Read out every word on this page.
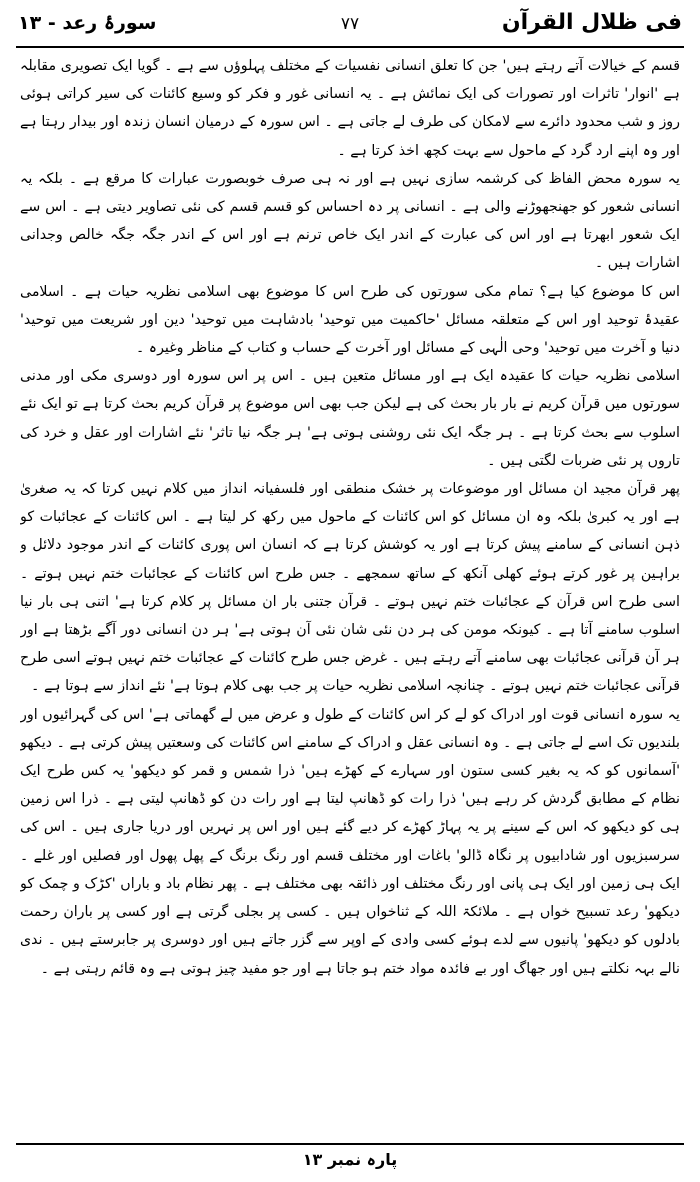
فی ظلال القرآن
۷۷
سورۂ رعد - ۱۳

قسم کے خیالات آتے رہتے ہیں' جن کا تعلق انسانی نفسیات کے مختلف پہلوؤں سے ہے ۔ گویا ایک تصویری مقابلہ ہے 'انوار' تاثرات اور تصورات کی ایک نمائش ہے ۔ یہ انسانی غور و فکر کو وسیع کائنات کی سیر کراتی ہوئی روز و شب محدود دائرے سے لامکان کی طرف لے جاتی ہے ۔ اس سورہ کے درمیان انسان زندہ اور بیدار رہتا ہے اور وہ اپنے ارد گرد کے ماحول سے بہت کچھ اخذ کرتا ہے ۔

یہ سورہ محض الفاظ کی کرشمہ سازی نہیں ہے اور نہ ہی صرف خوبصورت عبارات کا مرقع ہے ۔ بلکہ یہ انسانی شعور کو جھنجھوڑنے والی ہے ۔ انسانی پر دہ احساس کو قسم قسم کی نئی تصاویر دیتی ہے ۔ اس سے ایک شعور ابھرتا ہے اور اس کی عبارت کے اندر ایک خاص ترنم ہے اور اس کے اندر جگہ جگہ خالص وجدانی اشارات ہیں ۔

اس کا موضوع کیا ہے؟ تمام مکی سورتوں کی طرح اس کا موضوع بھی اسلامی نظریہ حیات ہے ۔ اسلامی عقیدۂ توحید اور اس کے متعلقہ مسائل 'حاکمیت میں توحید' بادشاہت میں توحید' دین اور شریعت میں توحید' دنیا و آخرت میں توحید' وحی الٰہی کے مسائل اور آخرت کے حساب و کتاب کے مناظر وغیرہ ۔

اسلامی نظریہ حیات کا عقیدہ ایک ہے اور مسائل متعین ہیں ۔ اس پر اس سورہ اور دوسری مکی اور مدنی سورتوں میں قرآن کریم نے بار بار بحث کی ہے لیکن جب بھی اس موضوع پر قرآن کریم بحث کرتا ہے تو ایک نئے اسلوب سے بحث کرتا ہے ۔ ہر جگہ ایک نئی روشنی ہوتی ہے' ہر جگہ نیا تاثر' نئے اشارات اور عقل و خرد کی تاروں پر نئی ضربات لگتی ہیں ۔

پھر قرآن مجید ان مسائل اور موضوعات پر خشک منطقی اور فلسفیانہ انداز میں کلام نہیں کرتا کہ یہ صغریٰ ہے اور یہ کبریٰ بلکہ وہ ان مسائل کو اس کائنات کے ماحول میں رکھ کر لیتا ہے ۔ اس کائنات کے عجائبات کو ذہن انسانی کے سامنے پیش کرتا ہے اور یہ کوشش کرتا ہے کہ انسان اس پوری کائنات کے اندر موجود دلائل و براہین پر غور کرتے ہوئے کھلی آنکھ کے ساتھ سمجھے ۔ جس طرح اس کائنات کے عجائبات ختم نہیں ہوتے ۔ اسی طرح اس قرآن کے عجائبات ختم نہیں ہوتے ۔ قرآن جتنی بار ان مسائل پر کلام کرتا ہے' اتنی ہی بار نیا اسلوب سامنے آتا ہے ۔ کیونکہ مومن کی ہر دن نئی شان نئی آن ہوتی ہے' ہر دن انسانی دور آگے بڑھتا ہے اور ہر آن قرآنی عجائبات بھی سامنے آتے رہتے ہیں ۔ غرض جس طرح کائنات کے عجائبات ختم نہیں ہوتے اسی طرح قرآنی عجائبات ختم نہیں ہوتے ۔ چنانچہ اسلامی نظریہ حیات پر جب بھی کلام ہوتا ہے' نئے انداز سے ہوتا ہے ۔

یہ سورہ انسانی قوت اور ادراک کو لے کر اس کائنات کے طول و عرض میں لے گھماتی ہے' اس کی گہرائیوں اور بلندیوں تک اسے لے جاتی ہے ۔ وہ انسانی عقل و ادراک کے سامنے اس کائنات کی وسعتیں پیش کرتی ہے ۔ دیکھو 'آسمانوں کو کہ یہ بغیر کسی ستون اور سہارے کے کھڑے ہیں' ذرا شمس و قمر کو دیکھو' یہ کس طرح ایک نظام کے مطابق گردش کر رہے ہیں' ذرا رات کو ڈھانپ لیتا ہے اور رات دن کو ڈھانپ لیتی ہے ۔ ذرا اس زمین ہی کو دیکھو کہ اس کے سینے پر یہ پہاڑ کھڑے کر دیے گئے ہیں اور اس پر نہریں اور دریا جاری ہیں ۔ اس کی سرسبزیوں اور شادابیوں پر نگاہ ڈالو' باغات اور مختلف قسم اور رنگ برنگ کے پھل پھول اور فصلیں اور غلے ۔ ایک ہی زمین اور ایک ہی پانی اور رنگ مختلف اور ذائقہ بھی مختلف ہے ۔ پھر نظام باد و باراں 'کڑک و چمک کو دیکھو' رعد تسبیح خواں ہے ۔ ملائکۃ اللہ کے ثناخواں ہیں ۔ کسی پر بجلی گرتی ہے اور کسی پر باران رحمت بادلوں کو دیکھو' پانیوں سے لدے ہوئے کسی وادی کے اوپر سے گزر جاتے ہیں اور دوسری پر جابرستے ہیں ۔ ندی نالے بہہ نکلتے ہیں اور جھاگ اور بے فائدہ مواد ختم ہو جاتا ہے اور جو مفید چیز ہوتی ہے وہ قائم رہتی ہے ۔

پارہ نمبر ۱۳
